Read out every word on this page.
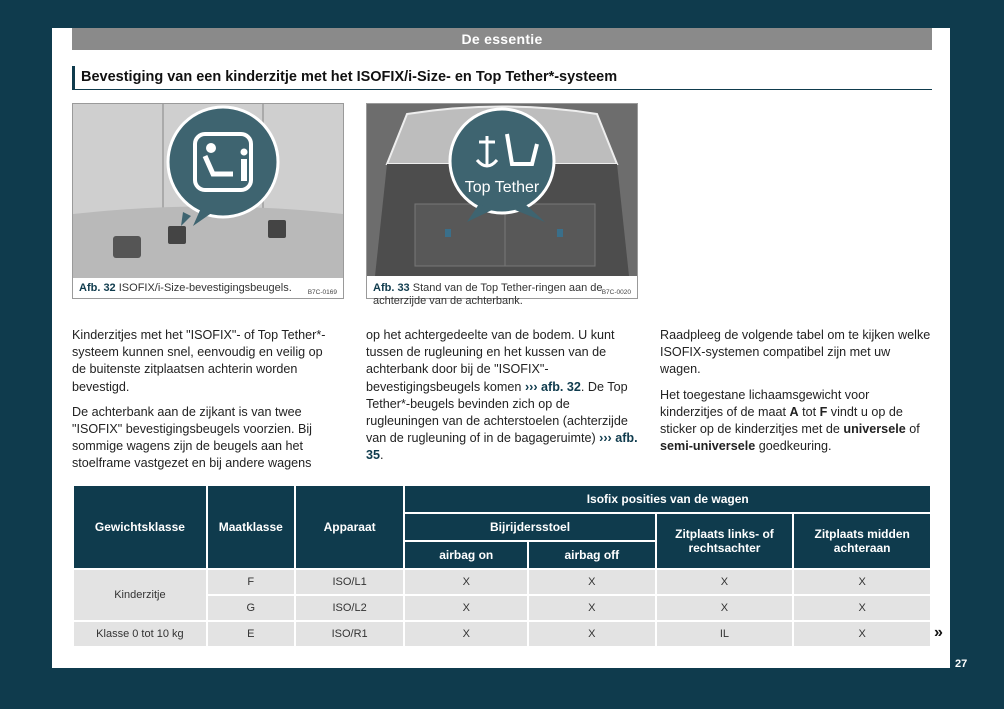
De essentie
Bevestiging van een kinderzitje met het ISOFIX/i-Size- en Top Tether*-systeem
B7C-0169
Afb. 32 ISOFIX/i-Size-bevestigingsbeugels.
Top Tether
B7C-0020
Afb. 33 Stand van de Top Tether-ringen aan de achterzijde van de achterbank.

Kinderzitjes met het "ISOFIX"- of Top Tether*-systeem kunnen snel, eenvoudig en veilig op de buitenste zitplaatsen achterin worden bevestigd.

De achterbank aan de zijkant is van twee "ISOFIX" bevestigingsbeugels voorzien. Bij sommige wagens zijn de beugels aan het stoelframe vastgezet en bij andere wagens

op het achtergedeelte van de bodem. U kunt tussen de rugleuning en het kussen van de achterbank door bij de "ISOFIX"-bevestigingsbeugels komen ››› afb. 32. De Top Tether*-beugels bevinden zich op de rugleuningen van de achterstoelen (achterzijde van de rugleuning of in de bagageruimte) ››› afb. 35.

Raadpleeg de volgende tabel om te kijken welke ISOFIX-systemen compatibel zijn met uw wagen.

Het toegestane lichaamsgewicht voor kinderzitjes of de maat A tot F vindt u op de sticker op de kinderzitjes met de universele of semi-universele goedkeuring.

Gewichtsklasse	Maatklasse	Apparaat	Isofix posities van de wagen			
			Bijrijdersstoel		Zitplaats links- of rechtsachter	Zitplaats midden achteraan
			airbag on	airbag off		
Kinderzitje	F	ISO/L1	X	X	X	X
	G	ISO/L2	X	X	X	X
Klasse 0 tot 10 kg	E	ISO/R1	X	X	IL	X	»
27
